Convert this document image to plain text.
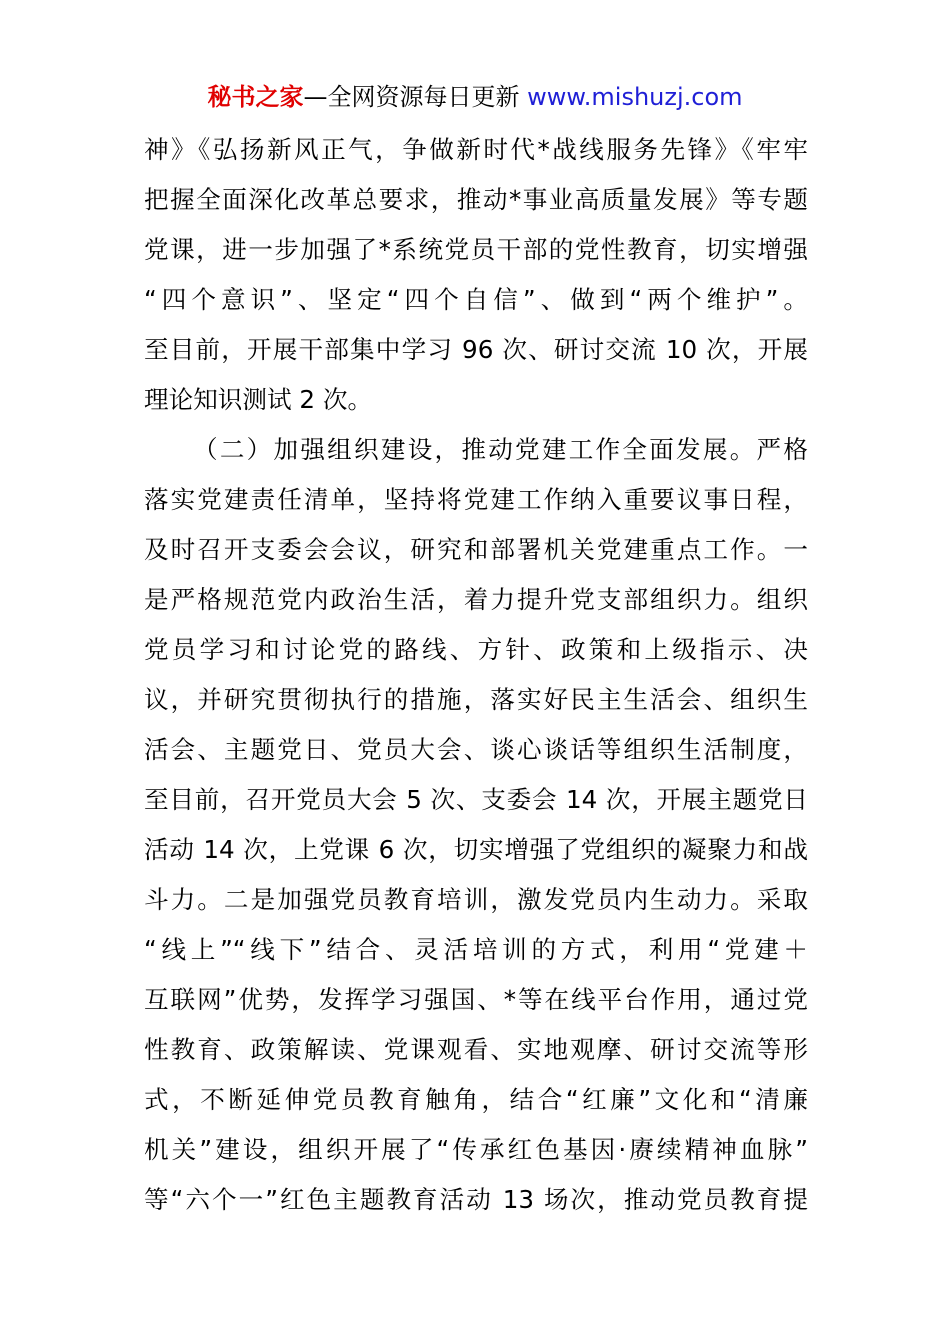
秘书之家—全网资源每日更新 www.mishuzj.com
神》《弘扬新风正气，争做新时代*战线服务先锋》《牢牢
把握全面深化改革总要求，推动*事业高质量发展》等专题
党课，进一步加强了*系统党员干部的党性教育，切实增强
“四个意识”、坚定“四个自信”、做到“两个维护”。
至目前，开展干部集中学习 96 次、研讨交流 10 次，开展
理论知识测试 2 次。
（二）加强组织建设，推动党建工作全面发展。严格
落实党建责任清单，坚持将党建工作纳入重要议事日程，
及时召开支委会会议，研究和部署机关党建重点工作。一
是严格规范党内政治生活，着力提升党支部组织力。组织
党员学习和讨论党的路线、方针、政策和上级指示、决
议，并研究贯彻执行的措施，落实好民主生活会、组织生
活会、主题党日、党员大会、谈心谈话等组织生活制度，
至目前，召开党员大会 5 次、支委会 14 次，开展主题党日
活动 14 次，上党课 6 次，切实增强了党组织的凝聚力和战
斗力。二是加强党员教育培训，激发党员内生动力。采取
“线上”“线下”结合、灵活培训的方式，利用“党建＋
互联网”优势，发挥学习强国、*等在线平台作用，通过党
性教育、政策解读、党课观看、实地观摩、研讨交流等形
式，不断延伸党员教育触角，结合“红廉”文化和“清廉
机关”建设，组织开展了“传承红色基因·赓续精神血脉”
等“六个一”红色主题教育活动 13 场次，推动党员教育提
